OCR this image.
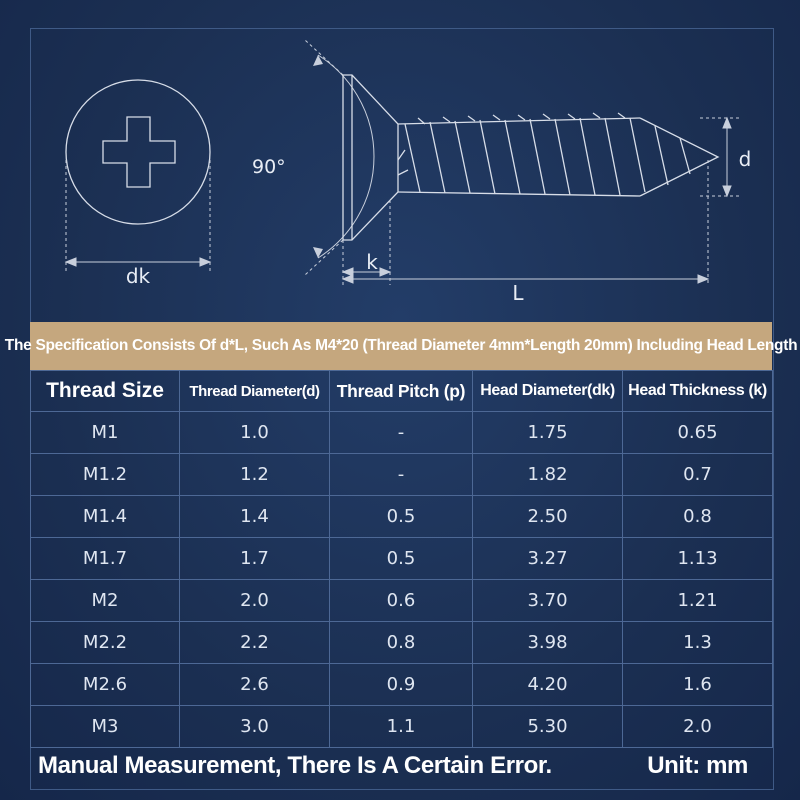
dk
90°
k
L
d
The Specification Consists Of d*L, Such As M4*20 (Thread Diameter 4mm*Length 20mm) Including Head Length
Thread Size	Thread Diameter(d)	Thread Pitch (p)	Head Diameter(dk)	Head Thickness (k)
M1	1.0	-	1.75	0.65
M1.2	1.2	-	1.82	0.7
M1.4	1.4	0.5	2.50	0.8
M1.7	1.7	0.5	3.27	1.13
M2	2.0	0.6	3.70	1.21
M2.2	2.2	0.8	3.98	1.3
M2.6	2.6	0.9	4.20	1.6
M3	3.0	1.1	5.30	2.0
Manual Measurement, There Is A Certain Error.	Unit: mm
